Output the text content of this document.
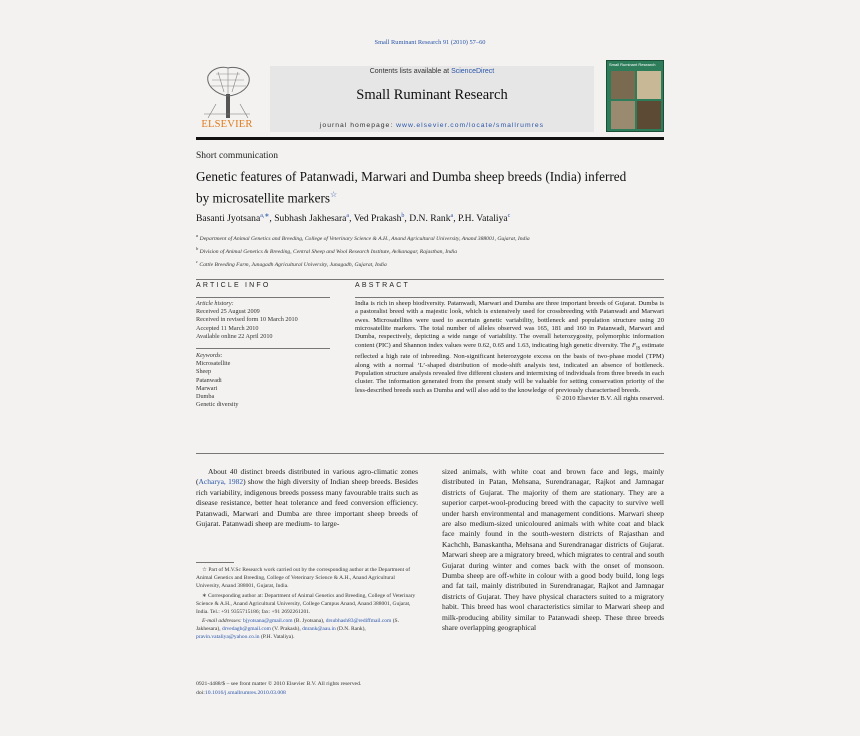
Small Ruminant Research 91 (2010) 57–60
ELSEVIER
Contents lists available at ScienceDirect
Small Ruminant Research
journal homepage: www.elsevier.com/locate/smallrumres
Small Ruminant Research
Short communication
Genetic features of Patanwadi, Marwari and Dumba sheep breeds (India) inferred by microsatellite markers☆
Basanti Jyotsana$^{a,∗}$, Subhash Jakhesara$^a$, Ved Prakash$^b$, D.N. Rank$^a$, P.H. Vataliya$^c$
$^a$ Department of Animal Genetics and Breeding, College of Veterinary Science & A.H., Anand Agricultural University, Anand 388001, Gujarat, India
$^b$ Division of Animal Genetics & Breeding, Central Sheep and Wool Research Institute, Avikanagar, Rajasthan, India
$^c$ Cattle Breeding Farm, Junagadh Agricultural University, Junagadh, Gujarat, India
ARTICLE INFO	ABSTRACT
Article history:
Received 25 August 2009
Received in revised form 10 March 2010
Accepted 11 March 2010
Available online 22 April 2010
Keywords:
Microsatellite
Sheep
Patanwadi
Marwari
Dumba
Genetic diversity
India is rich in sheep biodiversity. Patanwadi, Marwari and Dumba are three important breeds of Gujarat. Dumba is a pastoralist breed with a majestic look, which is extensively used for crossbreeding with Patanwadi and Marwari ewes. Microsatellites were used to ascertain genetic variability, bottleneck and population structure using 20 microsatellite markers. The total number of alleles observed was 165, 181 and 160 in Patanwadi, Marwari and Dumba, respectively, depicting a wide range of variability. The overall heterozygosity, polymorphic information content (PIC) and Shannon index values were 0.62, 0.65 and 1.63, indicating high genetic diversity. The $F_{IS}$ estimate reflected a high rate of inbreeding. Non-significant heterozygote excess on the basis of two-phase model (TPM) along with a normal ‘L’-shaped distribution of mode-shift analysis test, indicated an absence of bottleneck. Population structure analysis revealed five different clusters and intermixing of individuals from three breeds in each cluster. The information generated from the present study will be valuable for setting conservation priority of the less-described breeds such as Dumba and will also add to the knowledge of previously characterised breeds.
© 2010 Elsevier B.V. All rights reserved.
About 40 distinct breeds distributed in various agro-climatic zones (Acharya, 1982) show the high diversity of Indian sheep breeds. Besides rich variability, indigenous breeds possess many favourable traits such as disease resistance, better heat tolerance and feed conversion efficiency. Patanwadi, Marwari and Dumba are three important sheep breeds of Gujarat. Patanwadi sheep are medium- to large-
sized animals, with white coat and brown face and legs, mainly distributed in Patan, Mehsana, Surendranagar, Rajkot and Jamnagar districts of Gujarat. The majority of them are stationary. They are a superior carpet-wool-producing breed with the capacity to survive well under harsh environmental and management conditions. Marwari sheep are also medium-sized unicoloured animals with white coat and black face mainly found in the south-western districts of Rajasthan and Kachchh, Banaskantha, Mehsana and Surendranagar districts of Gujarat. Marwari sheep are a migratory breed, which migrates to central and south Gujarat during winter and comes back with the onset of monsoon. Dumba sheep are off-white in colour with a good body build, long legs and fat tail, mainly distributed in Surendranagar, Rajkot and Jamnagar districts of Gujarat. They have physical characters suited to a migratory habit. This breed has wool characteristics similar to Marwari sheep and milk-producing ability similar to Patanwadi sheep. These three breeds share overlapping geographical

☆ Part of M.V.Sc Research work carried out by the corresponding author at the Department of Animal Genetics and Breeding, College of Veterinary Science & A.H., Anand Agricultural University, Anand 388001, Gujarat, India.

∗ Corresponding author at: Department of Animal Genetics and Breeding, College of Veterinary Science & A.H., Anand Agricultural University, College Campus Anand, Anand 388001, Gujarat, India. Tel.: +91 9355715186; fax: +91 2692261201.

E-mail addresses: bjyotsana@gmail.com (B. Jyotsana), drsubhash83@rediffmail.com (S. Jakhesara), drvedagb@gmail.com (V. Prakash), dnrank@aau.in (D.N. Rank), pravin.vataliya@yahoo.co.in (P.H. Vataliya).

0921-4488/$ – see front matter © 2010 Elsevier B.V. All rights reserved.
doi:10.1016/j.smallrumres.2010.03.008
